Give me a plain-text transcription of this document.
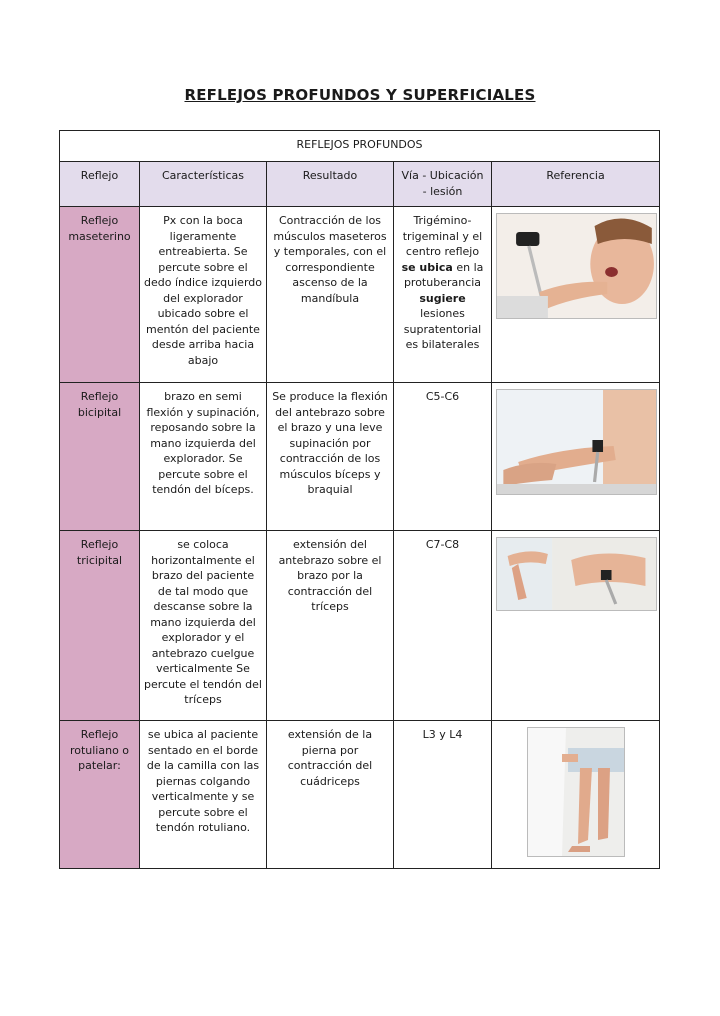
REFLEJOS PROFUNDOS Y SUPERFICIALES
REFLEJOS PROFUNDOS				
Reflejo	Características	Resultado	Vía - Ubicación - lesión	Referencia
Reflejo maseterino	Px con la boca ligeramente entreabierta. Se percute sobre el dedo índice izquierdo del explorador ubicado sobre el mentón del paciente desde arriba hacia abajo	Contracción de los músculos maseteros y temporales, con el correspondiente ascenso de la mandíbula	Trigémino-trigeminal y el centro reflejo se ubica en la protuberancia sugiere lesiones supratentorial es bilaterales	

Reflejo bicipital	brazo en semi flexión y supinación, reposando sobre la mano izquierda del explorador. Se percute sobre el tendón del bíceps.	Se produce la flexión del antebrazo sobre el brazo y una leve supinación por contracción de los músculos bíceps y braquial	C5-C6	

Reflejo tricipital	se coloca horizontalmente el brazo del paciente de tal modo que descanse sobre la mano izquierda del explorador y el antebrazo cuelgue verticalmente Se percute el tendón del tríceps	extensión del antebrazo sobre el brazo por la contracción del tríceps	C7-C8	

Reflejo rotuliano o patelar:	se ubica al paciente sentado en el borde de la camilla con las piernas colgando verticalmente y se percute sobre el tendón rotuliano.	extensión de la pierna por contracción del cuádriceps	L3 y L4	
